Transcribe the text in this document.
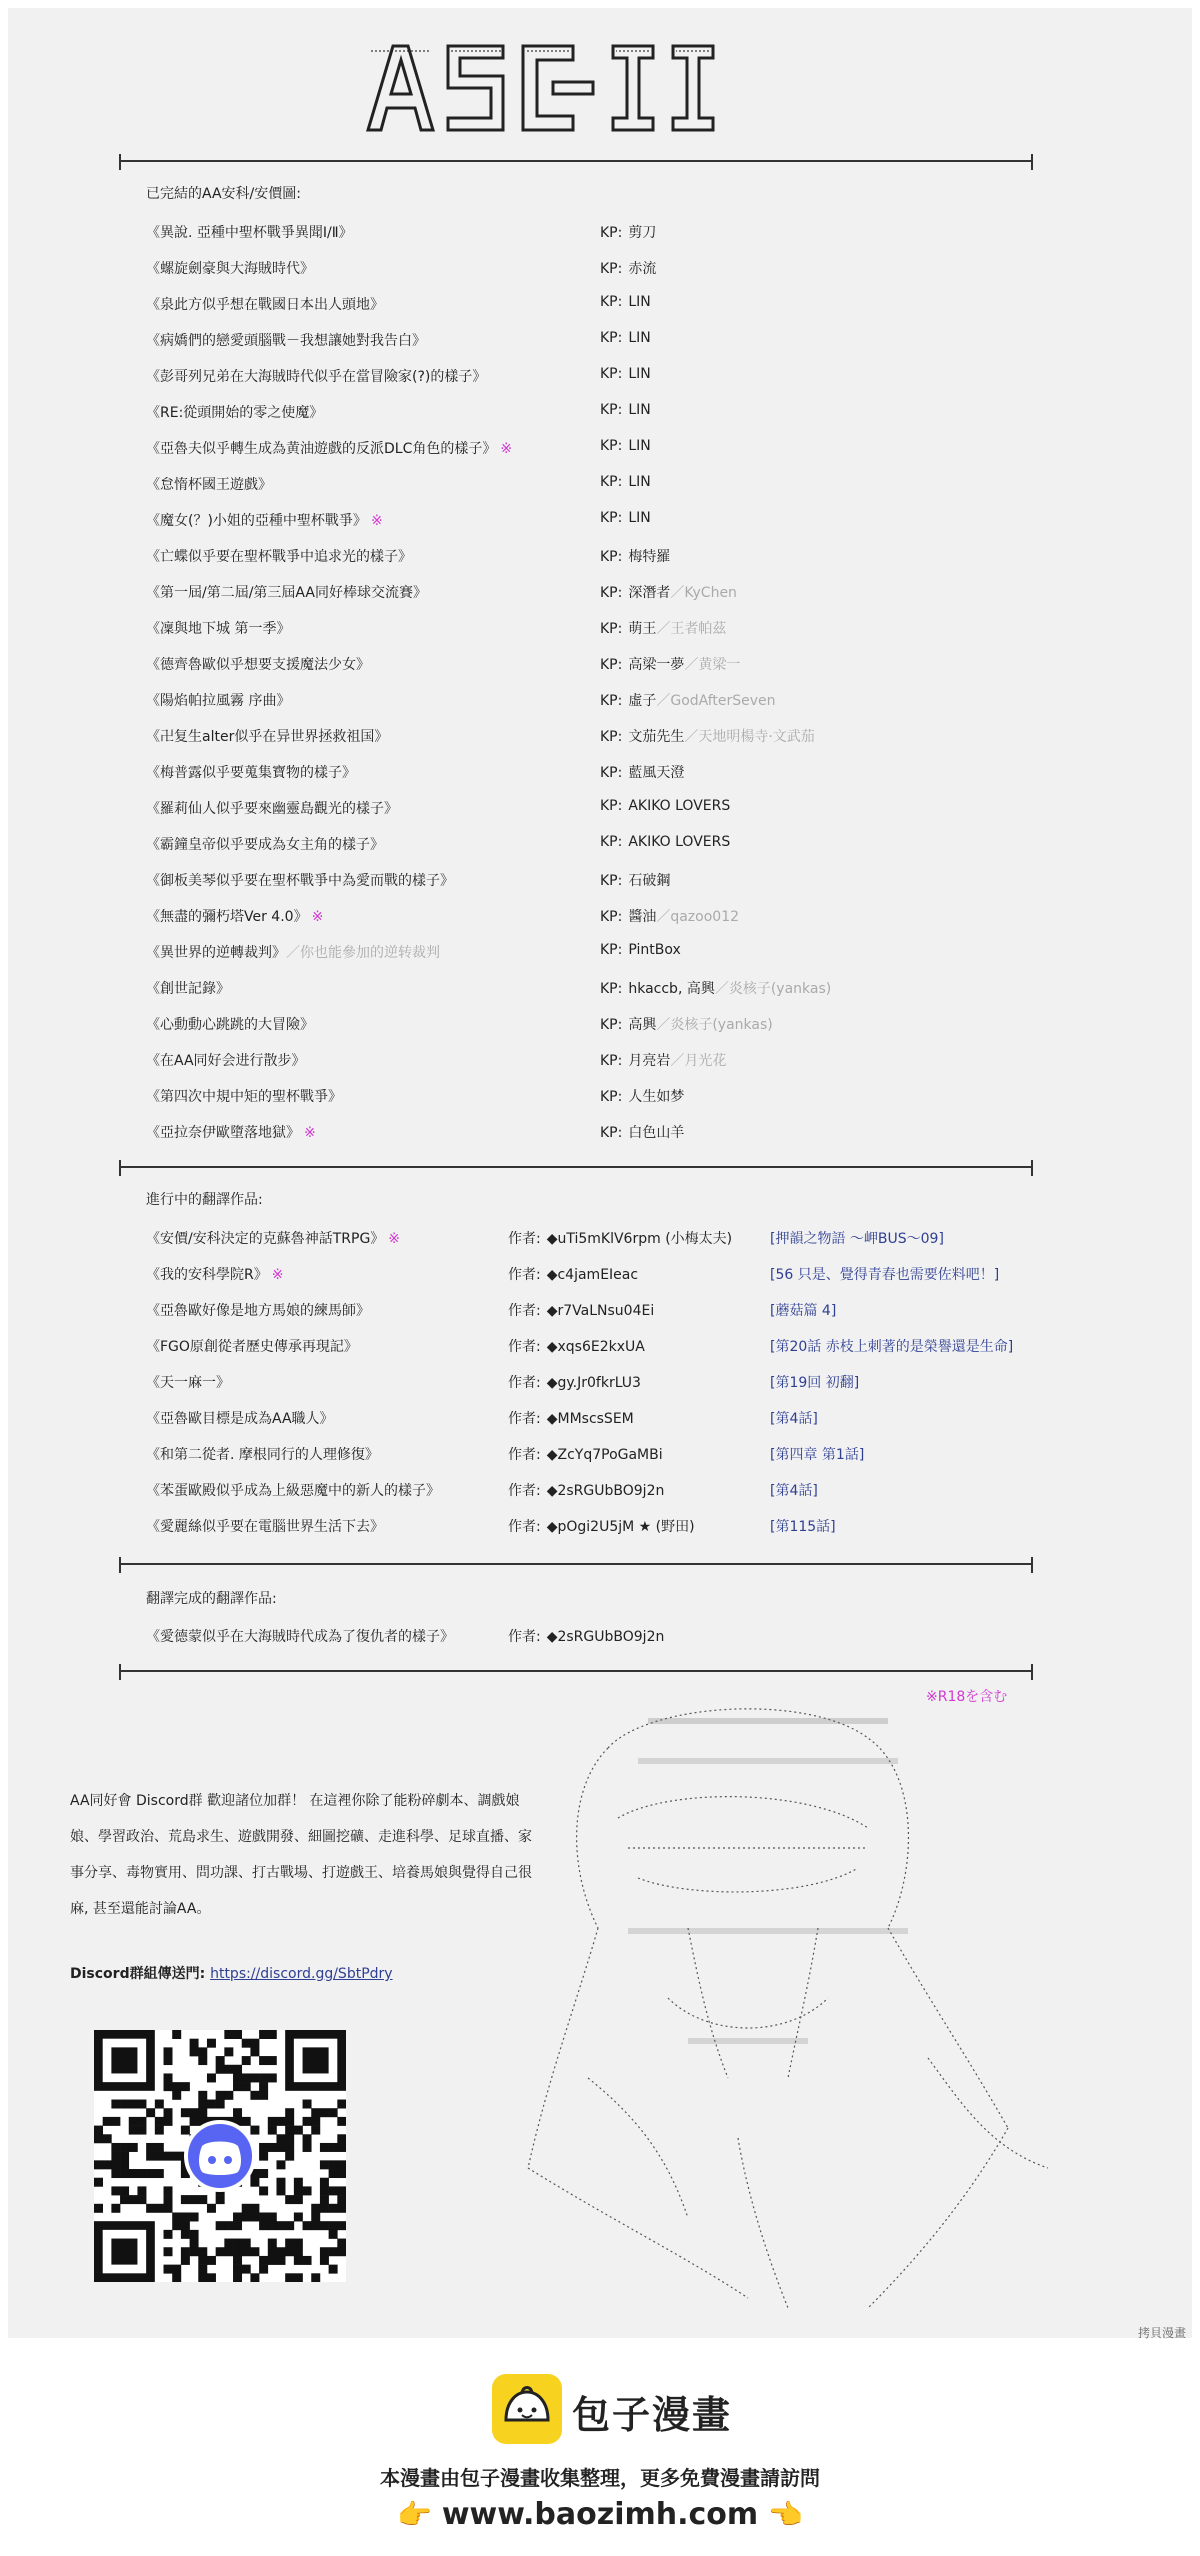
已完結的AA安科/安價圖:
《異說. 亞種中聖杯戰爭異聞Ⅰ/Ⅱ》	KP: 剪刀
《螺旋劍豪與大海賊時代》	KP: 赤流
《泉此方似乎想在戰國日本出人頭地》	KP: LIN
《病嬌們的戀愛頭腦戰－我想讓她對我告白》	KP: LIN
《彭哥列兄弟在大海賊時代似乎在當冒險家(?)的樣子》	KP: LIN
《RE:從頭開始的零之使魔》	KP: LIN
《亞魯夫似乎轉生成為黄油遊戲的反派DLC角色的樣子》 ※	KP: LIN
《怠惰杯國王遊戲》	KP: LIN
《魔女(？)小姐的亞種中聖杯戰爭》 ※	KP: LIN
《亡蝶似乎要在聖杯戰爭中追求光的樣子》	KP: 梅特羅
《第一屆/第二屆/第三屆AA同好棒球交流賽》	KP: 深潛者／KyChen
《凜與地下城 第一季》	KP: 萌王／王者帕茲
《德齊魯歐似乎想要支援魔法少女》	KP: 高梁一夢／黄梁一
《陽焰帕拉風霧 序曲》	KP: 虛子／GodAfterSeven
《卍复生alter似乎在异世界拯救祖国》	KP: 文茄先生／天地明楊寺·文武茄
《梅普露似乎要蒐集寶物的樣子》	KP: 藍風天澄
《羅莉仙人似乎要來幽靈島觀光的樣子》	KP: AKIKO LOVERS
《霸鐘皇帝似乎要成為女主角的樣子》	KP: AKIKO LOVERS
《御板美琴似乎要在聖杯戰爭中為愛而戰的樣子》	KP: 石破鋼
《無盡的彌朽塔Ver 4.0》 ※	KP: 醬油／qazoo012
《異世界的逆轉裁判》／你也能參加的逆转裁判	KP: PintBox
《創世記錄》	KP: hkaccb, 高興／炎核子(yankas)
《心動動心跳跳的大冒險》	KP: 高興／炎核子(yankas)
《在AA同好会进行散步》	KP: 月亮岩／月光花
《第四次中規中矩的聖杯戰爭》	KP: 人生如梦
《亞拉奈伊歐墮落地獄》 ※	KP: 白色山羊
進行中的翻譯作品:
《安價/安科決定的克蘇魯神話TRPG》 ※	作者: ◆uTi5mKlV6rpm (小梅太夫)	[押韻之物語 ～岬BUS～09]
《我的安科學院R》 ※	作者: ◆c4jamEIeac	[56 只是、覺得青春也需要佐料吧！]
《亞魯歐好像是地方馬娘的練馬師》	作者: ◆r7VaLNsu04Ei	[蘑菇篇 4]
《FGO原創從者歷史傳承再現記》	作者: ◆xqs6E2kxUA	[第20話 赤枝上刺著的是榮譽還是生命]
《天一麻一》	作者: ◆gy.Jr0fkrLU3	[第19回 初翻]
《亞魯歐目標是成為AA職人》	作者: ◆MMscsSEM	[第4話]
《和第二從者. 摩根同行的人理修復》	作者: ◆ZcYq7PoGaMBi	[第四章 第1話]
《苯蛋歐殿似乎成為上級惡魔中的新人的樣子》	作者: ◆2sRGUbBO9j2n	[第4話]
《愛麗絲似乎要在電腦世界生活下去》	作者: ◆pOgi2U5jM ★ (野田)	[第115話]
翻譯完成的翻譯作品:
《愛德蒙似乎在大海賊時代成為了復仇者的樣子》	作者: ◆2sRGUbBO9j2n
※R18を含む
AA同好會 Discord群 歡迎諸位加群！ 在這裡你除了能粉碎劇本、調戲娘娘、學習政治、荒島求生、遊戲開發、細圖挖礦、走進科學、足球直播、家事分享、毒物實用、問功課、打古戰場、打遊戲王、培養馬娘與覺得自己很麻, 甚至還能討論AA。
Discord群組傳送門: https://discord.gg/SbtPdry
拷貝漫畫
包子漫畫
本漫畫由包子漫畫收集整理，更多免費漫畫請訪問
👉 www.baozimh.com 👈
